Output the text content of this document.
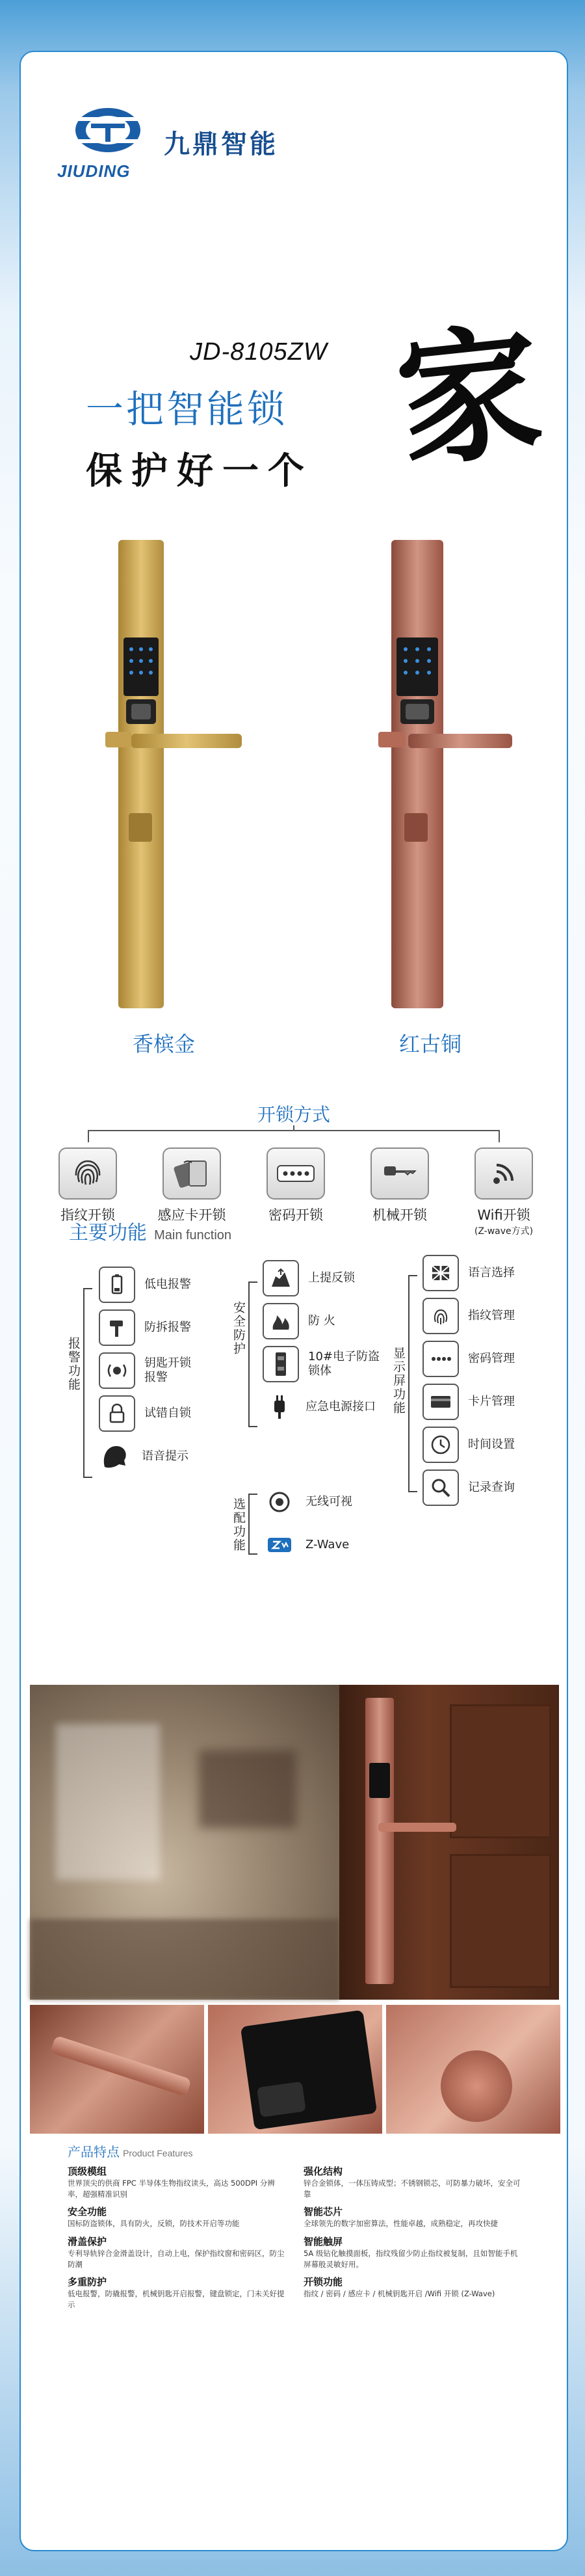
JIUDING
九鼎智能
JD-8105ZW
一把智能锁
保护好一个 家
香槟金	红古铜
开锁方式
指纹开锁	感应卡开锁	密码开锁	机械开锁	Wifi开锁
(Z-wave方式)
主要功能 Main function
报警功能
低电报警
防拆报警
钥匙开锁
报警
试错自锁
语音提示
安全防护
上提反锁
防 火
10#电子防盗
锁体
应急电源接口
选配功能	无线可视
Z-Wave
显示屏功能
语言选择
指纹管理
密码管理
卡片管理
时间设置
记录查询
产品特点 Product Features
顶级模组
世界顶尖的供商 FPC 半导体生物指纹读头，高达 500DPI 分辨率，超强精准识别
安全功能
国标防盗锁体，具有防火，反锁，防技术开启等功能
滑盖保护
专利导轨锌合金滑盖设计，自动上电，保护指纹窗和密码区，防尘防潮
多重防护
低电报警，防撬报警，机械钥匙开启报警，键盘锁定，门未关好提示
强化结构
锌合金锁体，一体压铸成型；不锈钢锁芯，可防暴力破坏，安全可靠
智能芯片
全球领先的数字加密算法，性能卓越，成熟稳定，再攻快捷
智能触屏
5A 级钻化触摸面板，指纹残留少防止指纹被复制，且如智能手机屏幕般灵敏好用。
开锁功能
指纹 / 密码 / 感应卡 / 机械钥匙开启 /Wifi 开锁 (Z-Wave)
